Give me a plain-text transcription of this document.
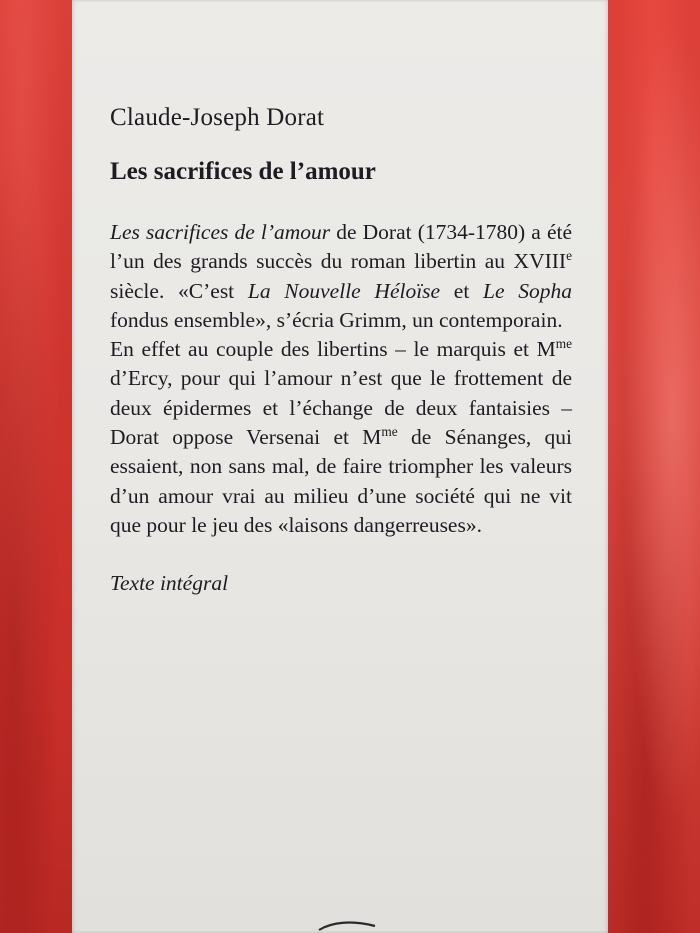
Claude-Joseph Dorat

Les sacrifices de l’amour

Les sacrifices de l’amour de Dorat (1734-1780) a été l’un des grands succès du roman libertin au XVIIIe siècle. «C’est La Nouvelle Héloïse et Le Sopha fondus ensemble», s’écria Grimm, un contemporain.

En effet au couple des libertins – le marquis et $M^{me}$ d’Ercy, pour qui l’amour n’est que le frottement de deux épidermes et l’échange de deux fantaisies – Dorat oppose Versenai et $M^{me}$ de Sénanges, qui essaient, non sans mal, de faire triompher les valeurs d’un amour vrai au milieu d’une société qui ne vit que pour le jeu des «laisons dangerreuses».

Texte intégral
